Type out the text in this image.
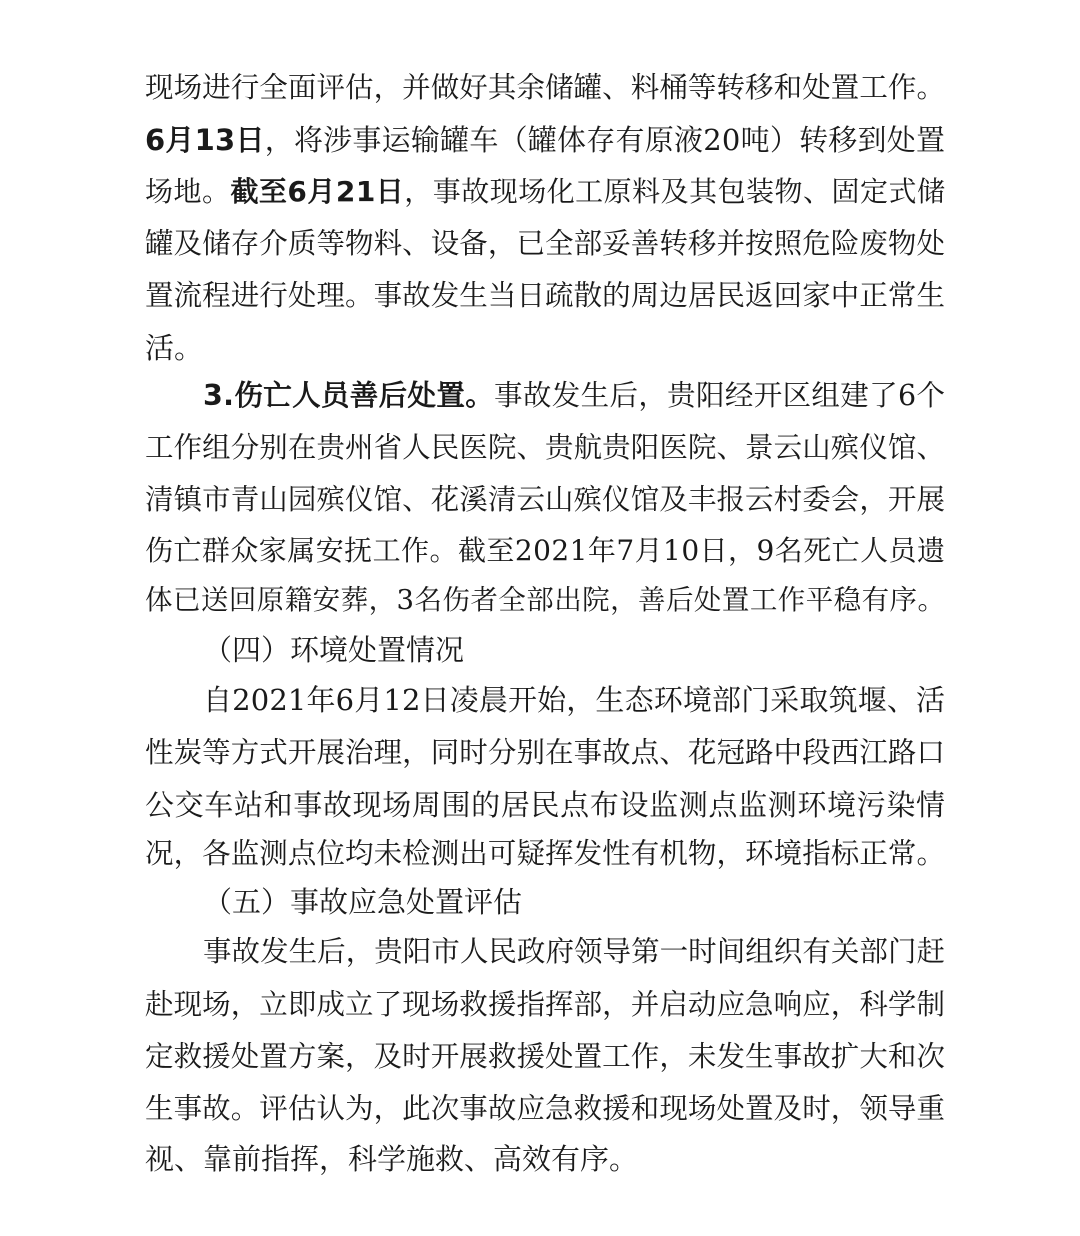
现场进行全面评估，并做好其余储罐、料桶等转移和处置工作。
6月13日，将涉事运输罐车（罐体存有原液20吨）转移到处置
场地。截至6月21日，事故现场化工原料及其包装物、固定式储
罐及储存介质等物料、设备，已全部妥善转移并按照危险废物处
置流程进行处理。事故发生当日疏散的周边居民返回家中正常生
活。
3.伤亡人员善后处置。事故发生后，贵阳经开区组建了6个
工作组分别在贵州省人民医院、贵航贵阳医院、景云山殡仪馆、
清镇市青山园殡仪馆、花溪清云山殡仪馆及丰报云村委会，开展
伤亡群众家属安抚工作。截至2021年7月10日，9名死亡人员遗
体已送回原籍安葬，3名伤者全部出院，善后处置工作平稳有序。
（四）环境处置情况
自2021年6月12日凌晨开始，生态环境部门采取筑堰、活
性炭等方式开展治理，同时分别在事故点、花冠路中段西江路口
公交车站和事故现场周围的居民点布设监测点监测环境污染情
况，各监测点位均未检测出可疑挥发性有机物，环境指标正常。
（五）事故应急处置评估
事故发生后，贵阳市人民政府领导第一时间组织有关部门赶
赴现场，立即成立了现场救援指挥部，并启动应急响应，科学制
定救援处置方案，及时开展救援处置工作，未发生事故扩大和次
生事故。评估认为，此次事故应急救援和现场处置及时，领导重
视、靠前指挥，科学施救、高效有序。
